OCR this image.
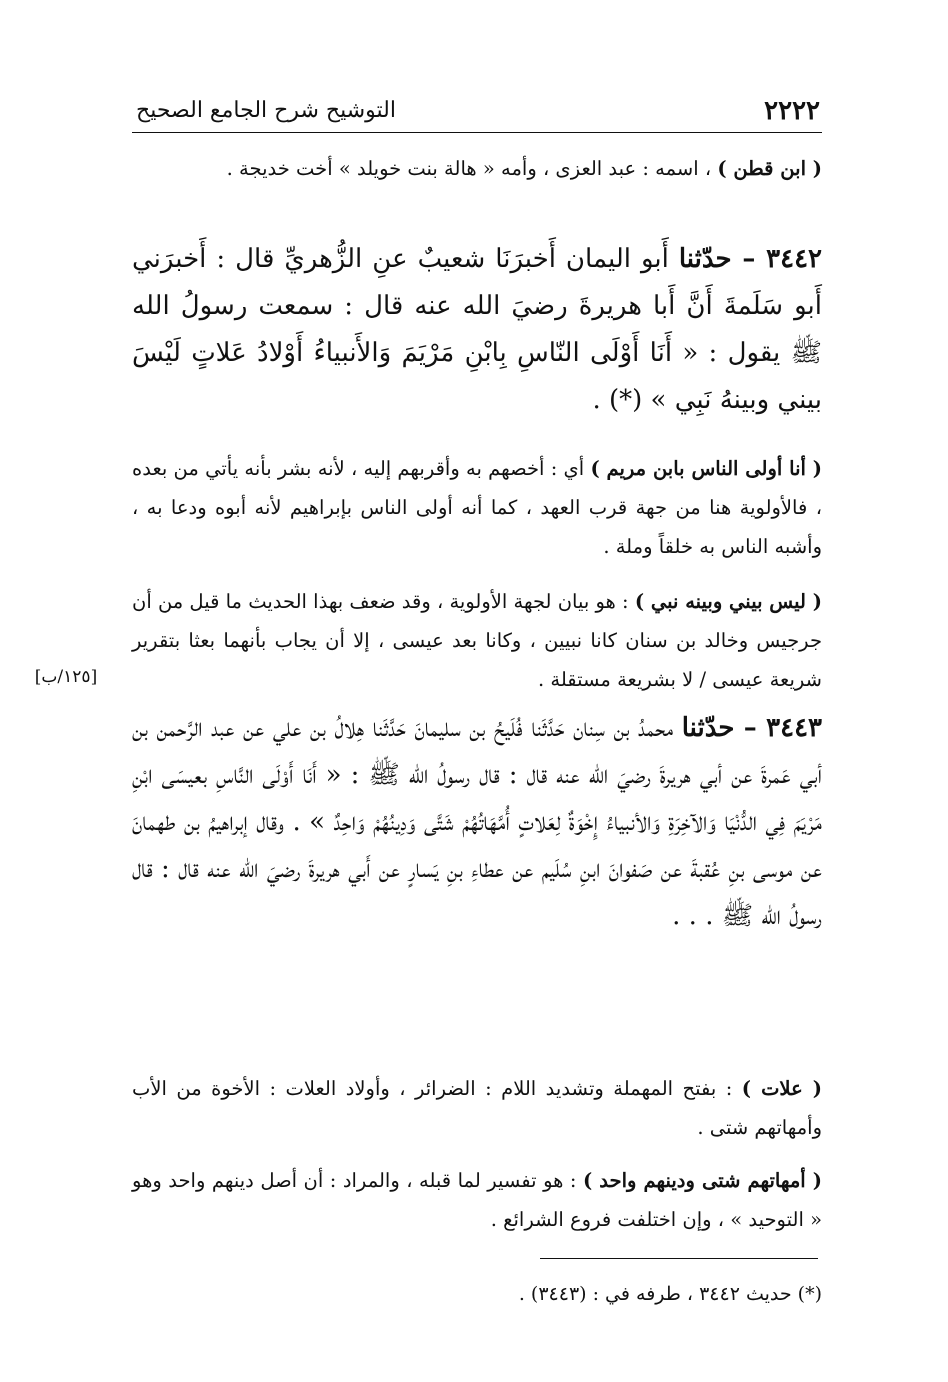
٢٢٢٢
التوشيح شرح الجامع الصحيح
( ابن قطن ) ، اسمه : عبد العزى ، وأمه « هالة بنت خويلد » أخت خديجة .
٣٤٤٢ – حدّثنا أَبو اليمان أَخبرَنَا شعيبٌ عنِ الزُّهريِّ قال : أَخبرَني أَبو سَلَمةَ أَنَّ أَبا هريرةَ رضيَ الله عنه قال : سمعت رسولُ الله ﷺ يقول : « أَنَا أَوْلَى النّاسِ بِابْنِ مَرْيَمَ وَالأَنبياءُ أَوْلادُ عَلاتٍ لَيْسَ بيني وبينهُ نَبِي » (*) .
( أنا أولى الناس بابن مريم ) أي : أخصهم به وأقربهم إليه ، لأنه بشر بأنه يأتي من بعده ، فالأولوية هنا من جهة قرب العهد ، كما أنه أولى الناس بإبراهيم لأنه أبوه ودعا به ، وأشبه الناس به خلقاً وملة .
( ليس بيني وبينه نبي ) : هو بيان لجهة الأولوية ، وقد ضعف بهذا الحديث ما قيل من أن جرجيس وخالد بن سنان كانا نبيين ، وكانا بعد عيسى ، إلا أن يجاب بأنهما بعثا بتقرير شريعة عيسى / لا بشريعة مستقلة .
[١٢٥/ب]
٣٤٤٣ – حدّثنا محمدُ بن سِنان حَدَّثَنا فُلَيحُ بن سليمانَ حَدَّثَنا هِلالُ بن علي عن عبد الرَّحمن بن أبي عَمرةَ عن أبي هريرةَ رضيَ الله عنه قال : قال رسولُ الله ﷺ : « أَنَا أَوْلَى النَّاسِ بعيسَى ابْنِ مَرْيَمَ فِي الدُّنْيَا وَالآخِرَةِ وَالأنبياءُ إِخْوَةٌ لِعَلاتٍ أُمَّهَاتُهُمْ شَتَّى وَدِينُهُمْ وَاحِدٌ » . وقال إبراهيمُ بن طهمانَ عن موسى بنِ عُقبةَ عن صَفوانَ ابنِ سُلَيم عن عطاءِ بنِ يَسارٍ عن أَبي هريرةَ رضيَ الله عنه قال : قال رسولُ الله ﷺ . . .
( علات ) : بفتح المهملة وتشديد اللام : الضرائر ، وأولاد العلات : الأخوة من الأب وأمهاتهم شتى .
( أمهاتهم شتى ودينهم واحد ) : هو تفسير لما قبله ، والمراد : أن أصل دينهم واحد وهو « التوحيد » ، وإن اختلفت فروع الشرائع .
(*) حديث ٣٤٤٢ ، طرفه في : (٣٤٤٣) .
